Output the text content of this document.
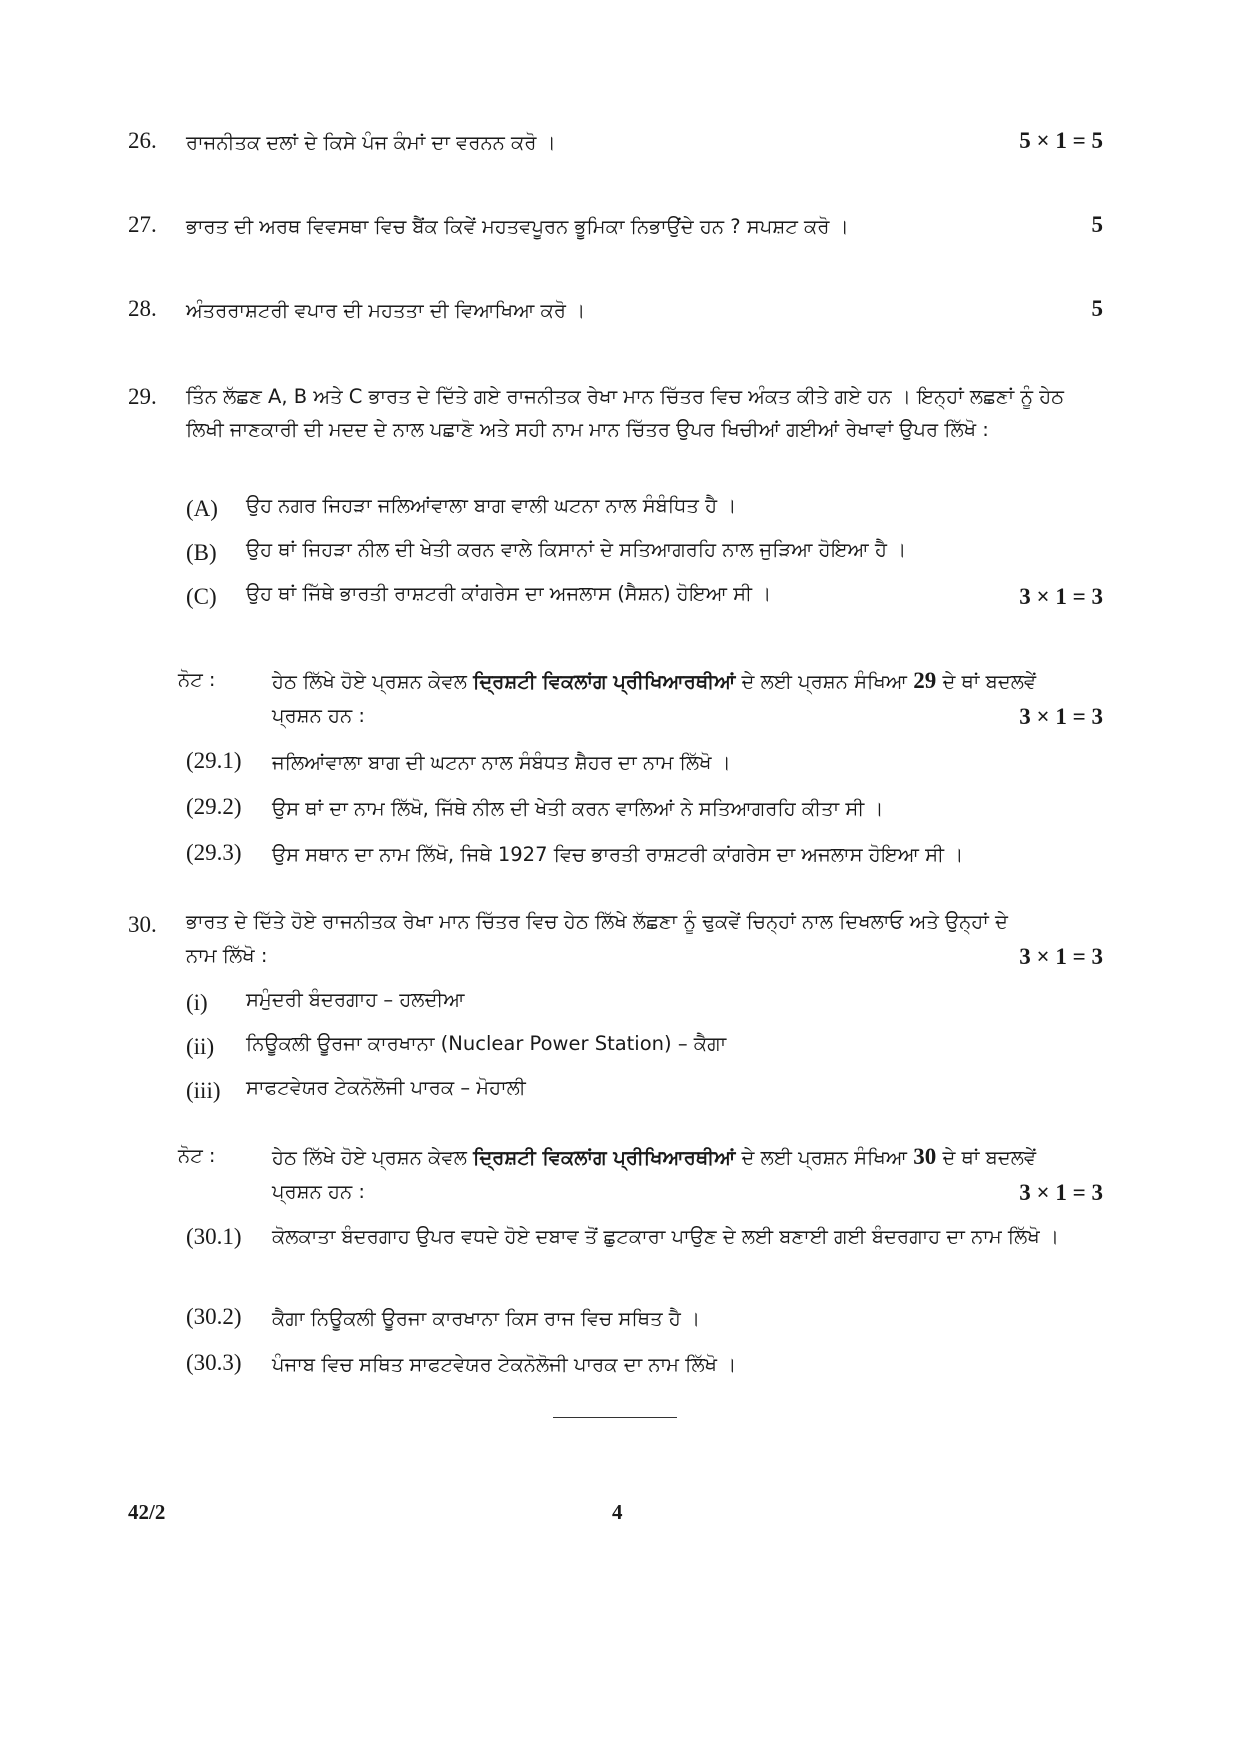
26. ਰਾਜਨੀਤਕ ਦਲਾਂ ਦੇ ਕਿਸੇ ਪੰਜ ਕੰਮਾਂ ਦਾ ਵਰਨਨ ਕਰੋ ।	5 × 1 = 5
27. ਭਾਰਤ ਦੀ ਅਰਥ ਵਿਵਸਥਾ ਵਿਚ ਬੈਂਕ ਕਿਵੇਂ ਮਹਤਵਪੂਰਨ ਭੂਮਿਕਾ ਨਿਭਾਉਂਦੇ ਹਨ ? ਸਪਸ਼ਟ ਕਰੋ ।	5
28. ਅੰਤਰਰਾਸ਼ਟਰੀ ਵਪਾਰ ਦੀ ਮਹਤਤਾ ਦੀ ਵਿਆਖਿਆ ਕਰੋ ।	5
29. ਤਿੰਨ ਲੱਛਣ A, B ਅਤੇ C ਭਾਰਤ ਦੇ ਦਿੱਤੇ ਗਏ ਰਾਜਨੀਤਕ ਰੇਖਾ ਮਾਨ ਚਿੱਤਰ ਵਿਚ ਅੰਕਤ ਕੀਤੇ ਗਏ ਹਨ । ਇਨ੍ਹਾਂ ਲਛਣਾਂ ਨੂੰ ਹੇਠ ਲਿਖੀ ਜਾਣਕਾਰੀ ਦੀ ਮਦਦ ਦੇ ਨਾਲ ਪਛਾਣੋ ਅਤੇ ਸਹੀ ਨਾਮ ਮਾਨ ਚਿੱਤਰ ਉਪਰ ਖਿਚੀਆਂ ਗਈਆਂ ਰੇਖਾਵਾਂ ਉਪਰ ਲਿੱਖੋ :
(A) ਉਹ ਨਗਰ ਜਿਹੜਾ ਜਲਿਆਂਵਾਲਾ ਬਾਗ ਵਾਲੀ ਘਟਨਾ ਨਾਲ ਸੰਬੰਧਿਤ ਹੈ ।
(B) ਉਹ ਥਾਂ ਜਿਹੜਾ ਨੀਲ ਦੀ ਖੇਤੀ ਕਰਨ ਵਾਲੇ ਕਿਸਾਨਾਂ ਦੇ ਸਤਿਆਗਰਹਿ ਨਾਲ ਜੁੜਿਆ ਹੋਇਆ ਹੈ ।
(C) ਉਹ ਥਾਂ ਜਿੱਥੇ ਭਾਰਤੀ ਰਾਸ਼ਟਰੀ ਕਾਂਗਰੇਸ ਦਾ ਅਜਲਾਸ (ਸੈਸ਼ਨ) ਹੋਇਆ ਸੀ ।	3 × 1 = 3
ਨੋਟ :	ਹੇਠ ਲਿੱਖੇ ਹੋਏ ਪ੍ਰਸ਼ਨ ਕੇਵਲ ਦ੍ਰਿਸ਼ਟੀ ਵਿਕਲਾਂਗ ਪ੍ਰੀਖਿਆਰਥੀਆਂ ਦੇ ਲਈ ਪ੍ਰਸ਼ਨ ਸੰਖਿਆ 29 ਦੇ ਥਾਂ ਬਦਲਵੇਂ
ਪ੍ਰਸ਼ਨ ਹਨ :	3 × 1 = 3
(29.1) ਜਲਿਆਂਵਾਲਾ ਬਾਗ ਦੀ ਘਟਨਾ ਨਾਲ ਸੰਬੰਧਤ ਸ਼ੈਹਰ ਦਾ ਨਾਮ ਲਿੱਖੋ ।
(29.2) ਉਸ ਥਾਂ ਦਾ ਨਾਮ ਲਿੱਖੋ, ਜਿੱਥੇ ਨੀਲ ਦੀ ਖੇਤੀ ਕਰਨ ਵਾਲਿਆਂ ਨੇ ਸਤਿਆਗਰਹਿ ਕੀਤਾ ਸੀ ।
(29.3) ਉਸ ਸਥਾਨ ਦਾ ਨਾਮ ਲਿੱਖੋ, ਜਿਥੇ 1927 ਵਿਚ ਭਾਰਤੀ ਰਾਸ਼ਟਰੀ ਕਾਂਗਰੇਸ ਦਾ ਅਜਲਾਸ ਹੋਇਆ ਸੀ ।
30. ਭਾਰਤ ਦੇ ਦਿੱਤੇ ਹੋਏ ਰਾਜਨੀਤਕ ਰੇਖਾ ਮਾਨ ਚਿੱਤਰ ਵਿਚ ਹੇਠ ਲਿੱਖੇ ਲੱਛਣਾ ਨੂੰ ਢੁਕਵੇਂ ਚਿਨ੍ਹਾਂ ਨਾਲ ਦਿਖਲਾਓ ਅਤੇ ਉਨ੍ਹਾਂ ਦੇ
ਨਾਮ ਲਿੱਖੋ :	3 × 1 = 3
(i) ਸਮੁੰਦਰੀ ਬੰਦਰਗਾਹ – ਹਲਦੀਆ
(ii) ਨਿਊਕਲੀ ਊਰਜਾ ਕਾਰਖਾਨਾ (Nuclear Power Station) – ਕੈਗਾ
(iii) ਸਾਫਟਵੇਯਰ ਟੇਕਨੋਲੋਜੀ ਪਾਰਕ – ਮੋਹਾਲੀ
ਨੋਟ :	ਹੇਠ ਲਿੱਖੇ ਹੋਏ ਪ੍ਰਸ਼ਨ ਕੇਵਲ ਦ੍ਰਿਸ਼ਟੀ ਵਿਕਲਾਂਗ ਪ੍ਰੀਖਿਆਰਥੀਆਂ ਦੇ ਲਈ ਪ੍ਰਸ਼ਨ ਸੰਖਿਆ 30 ਦੇ ਥਾਂ ਬਦਲਵੇਂ
ਪ੍ਰਸ਼ਨ ਹਨ :	3 × 1 = 3
(30.1) ਕੋਲਕਾਤਾ ਬੰਦਰਗਾਹ ਉਪਰ ਵਧਦੇ ਹੋਏ ਦਬਾਵ ਤੋਂ ਛੁਟਕਾਰਾ ਪਾਉਣ ਦੇ ਲਈ ਬਣਾਈ ਗਈ ਬੰਦਰਗਾਹ ਦਾ ਨਾਮ ਲਿੱਖੋ ।
(30.2) ਕੈਗਾ ਨਿਊਕਲੀ ਊਰਜਾ ਕਾਰਖਾਨਾ ਕਿਸ ਰਾਜ ਵਿਚ ਸਥਿਤ ਹੈ ।
(30.3) ਪੰਜਾਬ ਵਿਚ ਸਥਿਤ ਸਾਫਟਵੇਯਰ ਟੇਕਨੋਲੋਜੀ ਪਾਰਕ ਦਾ ਨਾਮ ਲਿੱਖੋ ।
42/2	4
